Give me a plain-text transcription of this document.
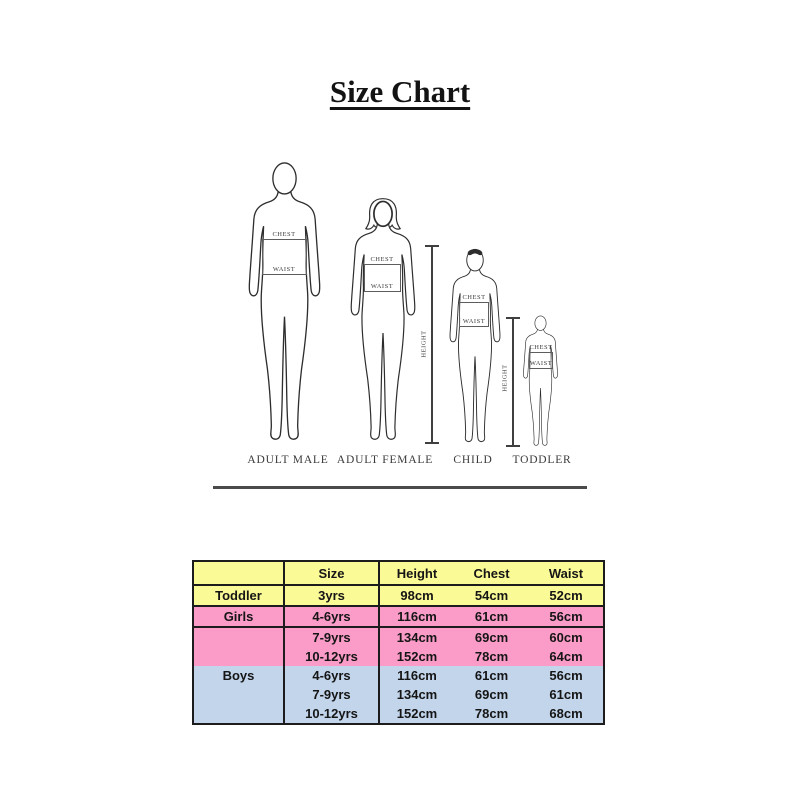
Size Chart
CHEST
WAIST
ADULT MALE
CHEST
WAIST
ADULT FEMALE
HEIGHT
CHEST
WAIST
CHILD
HEIGHT
CHEST
WAIST
TODDLER
	Size	Height	Chest	Waist
Toddler	3yrs	98cm	54cm	52cm
Girls	4-6yrs	116cm	61cm	56cm
	7-9yrs	134cm	69cm	60cm
	10-12yrs	152cm	78cm	64cm
Boys	4-6yrs	116cm	61cm	56cm
	7-9yrs	134cm	69cm	61cm
	10-12yrs	152cm	78cm	68cm
